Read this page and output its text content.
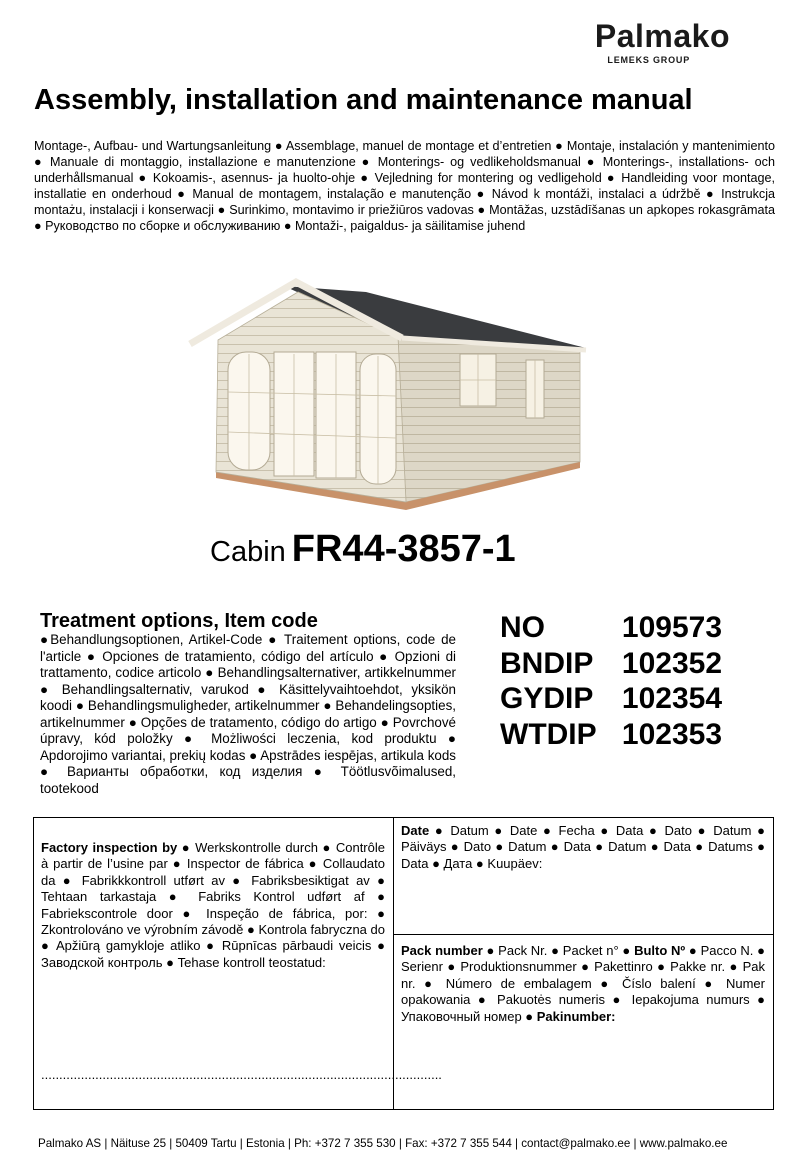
Palmako
LEMEKS GROUP
Assembly, installation and maintenance manual

Montage-, Aufbau- und Wartungsanleitung ● Assemblage, manuel de montage et d’entretien ● Montaje, instalación y mantenimiento ● Manuale di montaggio, installazione e manutenzione ● Monterings- og vedlikeholdsmanual ● Monterings-, installations- och underhållsmanual ● Kokoamis-, asennus- ja huolto-ohje ● Vejledning for montering og vedligehold ● Handleiding voor montage, installatie en onderhoud ● Manual de montagem, instalação e manutenção ● Návod k montáži, instalaci a údržbě ● Instrukcja montażu, instalacji i konserwacji ● Surinkimo, montavimo ir priežiūros vadovas ● Montāžas, uzstādīšanas un apkopes rokasgrāmata ● Руководство по сборке и обслуживанию ● Montaži-, paigaldus- ja säilitamise juhend

Cabin FR44-3857-1
Treatment options, Item code

●Behandlungsoptionen, Artikel-Code ● Traitement options, code de l'article ● Opciones de tratamiento, código del artículo ● Opzioni di trattamento, codice articolo ● Behandlingsalternativer, artikkelnummer ● Behandlingsalternativ, varukod ● Käsittelyvaihtoehdot, yksikön koodi ● Behandlingsmuligheder, artikelnummer ● Behandelingsopties, artikelnummer ● Opções de tratamento, código do artigo ● Povrchové úpravy, kód položky ● Możliwości leczenia, kod produktu ● Apdorojimo variantai, prekių kodas ● Apstrādes iespējas, artikula kods ● Варианты обработки, код изделия ● Töötlusvõimalused, tootekood

NO	109573
BNDIP 102352
GYDIP 102354
WTDIP 102353

Factory inspection by ● Werkskontrolle durch ● Contrôle à partir de l’usine par ● Inspector de fábrica ● Collaudato da ● Fabrikkkontroll utført av ● Fabriksbesiktigat av ● Tehtaan tarkastaja ● Fabriks Kontrol udført af ● Fabriekscontrole door ● Inspeção de fábrica, por: ● Zkontrolováno ve výrobním závodě ● Kontrola fabryczna do ● Apžiūrą gamykloje atliko ● Rūpnīcas pārbaudi veicis ● Заводской контроль ● Tehase kontroll teostatud:

...............................................................................................................

Date ● Datum ● Date ● Fecha ● Data ● Dato ● Datum ● Päiväys ● Dato ● Datum ● Data ● Datum ● Data ● Datums ● Data ● Дата ● Kuupäev:

Pack number ● Pack Nr. ● Packet n° ● Bulto Nº ● Pacco N. ● Serienr ● Produktionsnummer ● Pakettinro ● Pakke nr. ● Pak nr. ● Número de embalagem ● Číslo balení ● Numer opakowania ● Pakuotės numeris ● Iepakojuma numurs ● Упаковочный номер ● Pakinumber:

Palmako AS | Näituse 25 | 50409 Tartu | Estonia | Ph: +372 7 355 530 | Fax: +372 7 355 544 | contact@palmako.ee | www.palmako.ee
